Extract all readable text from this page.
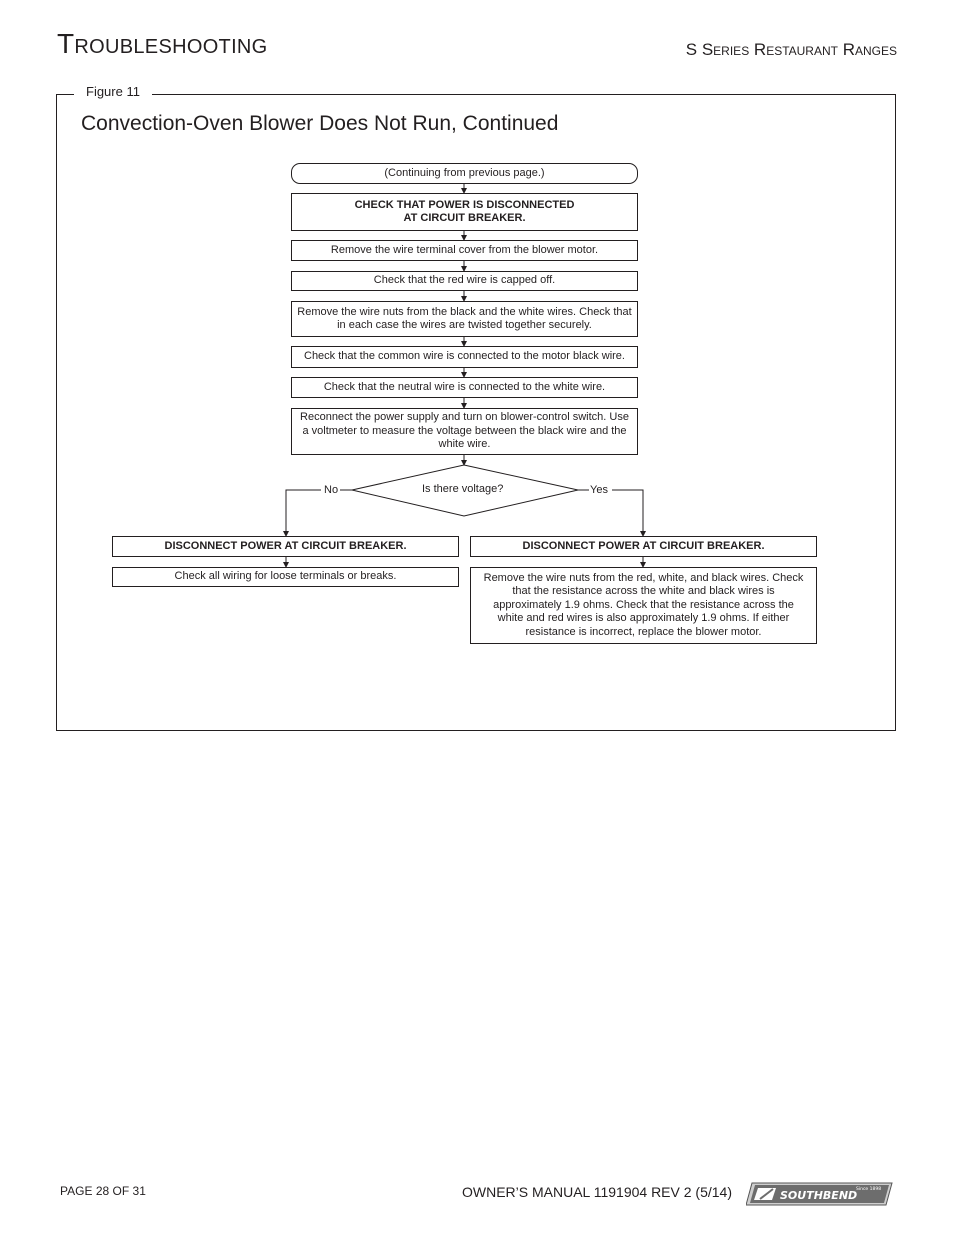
Troubleshooting	S Series Restaurant Ranges
Figure 11
Convection-Oven Blower Does Not Run, Continued
(Continuing from previous page.)
CHECK THAT POWER IS DISCONNECTED
AT CIRCUIT BREAKER.
Remove the wire terminal cover from the blower motor.
Check that the red wire is capped off.
Remove the wire nuts from the black and the white wires. Check that in each case the wires are twisted together securely.
Check that the common wire is connected to the motor black wire.
Check that the neutral wire is connected to the white wire.
Reconnect the power supply and turn on blower-control switch. Use a voltmeter to measure the voltage between the black wire and the white wire.
Is there voltage?
No	Yes
DISCONNECT POWER AT CIRCUIT BREAKER.
Check all wiring for loose terminals or breaks.
DISCONNECT POWER AT CIRCUIT BREAKER.
Remove the wire nuts from the red, white, and black wires. Check that the resistance across the white and black wires is approximately 1.9 ohms. Check that the resistance across the white and red wires is also approximately 1.9 ohms. If either resistance is incorrect, replace the blower motor.
PAGE 28 OF 31	OWNER’S MANUAL 1191904 REV 2 (5/14)	SOUTHBEND
Since 1898
